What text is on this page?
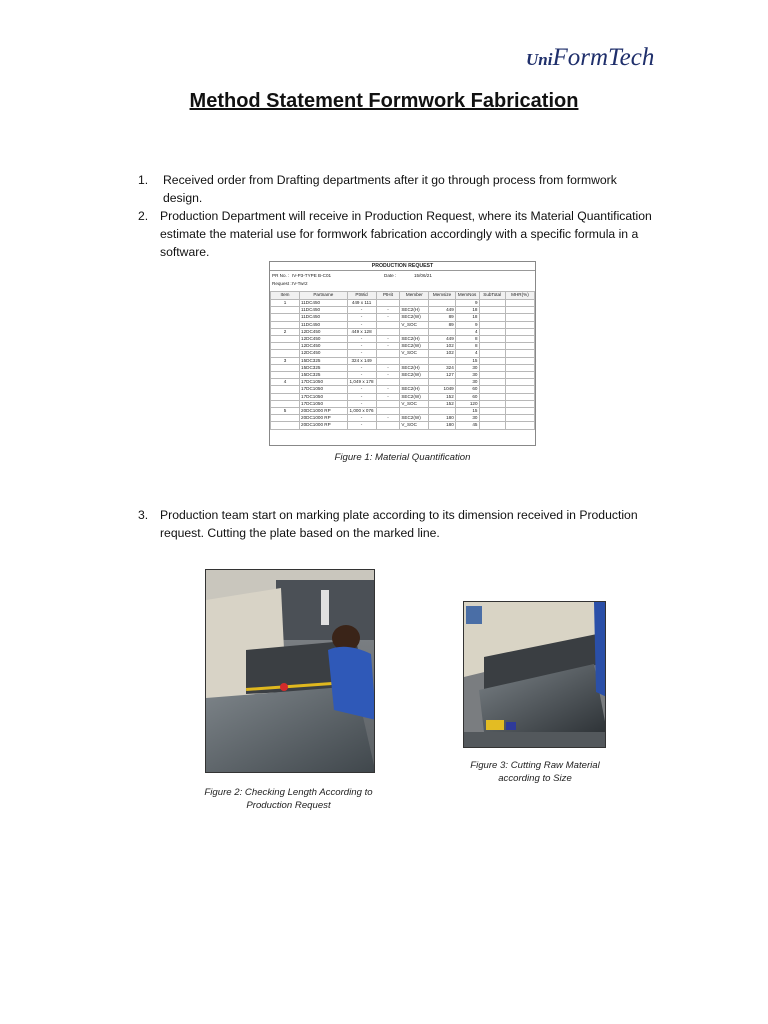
UniFormTech
Method Statement Formwork Fabrication
1. Received order from Drafting departments after it go through process from formwork
design.
2. Production Department will receive in Production Request, where its Material Quantification
estimate the material use for formwork fabrication accordingly with a specific formula in a
software.
PRODUCTION REQUEST
PR No. : IV-P3-TYPE B-C01	Date :	15/06/21
Request : IV-Twr2
Item	Partname	PtWid	PtHit	Member	Memsize	MemNos	SubTotal	MHR(%)
1	11DC450	449 x 111				9		
	11DC450	-	-	SEC2(H)	449	18		
	11DC450	-	-	SEC2(W)	89	18		
	11DC450	-		V_SOC	89	9		
2	12DC450	449 x 128				4		
	12DC450	-	-	SEC2(H)	449	8		
	12DC450	-	-	SEC2(W)	102	8		
	12DC450	-		V_SOC	102	4		
3	15DC325	324 x 149				15		
	15DC325	-	-	SEC2(H)	324	30		
	15DC325	-	-	SEC2(W)	127	30		
4	17DC1050	1,049 x 178				30		
	17DC1050	-	-	SEC2(H)	1049	60		
	17DC1050	-	-	SEC2(W)	152	60		
	17DC1050	-		V_SOC	152	120		
5	20DC1000 RP	1,000 x 076				15		
	20DC1000 RP	-	-	SEC2(W)	180	30		
	20DC1000 RP	-		V_SOC	180	45		
Figure 1: Material Quantification
3. Production team start on marking plate according to its dimension received in Production
request. Cutting the plate based on the marked line.
Figure 2: Checking Length According to
Production Request
Figure 3: Cutting Raw Material
according to Size
